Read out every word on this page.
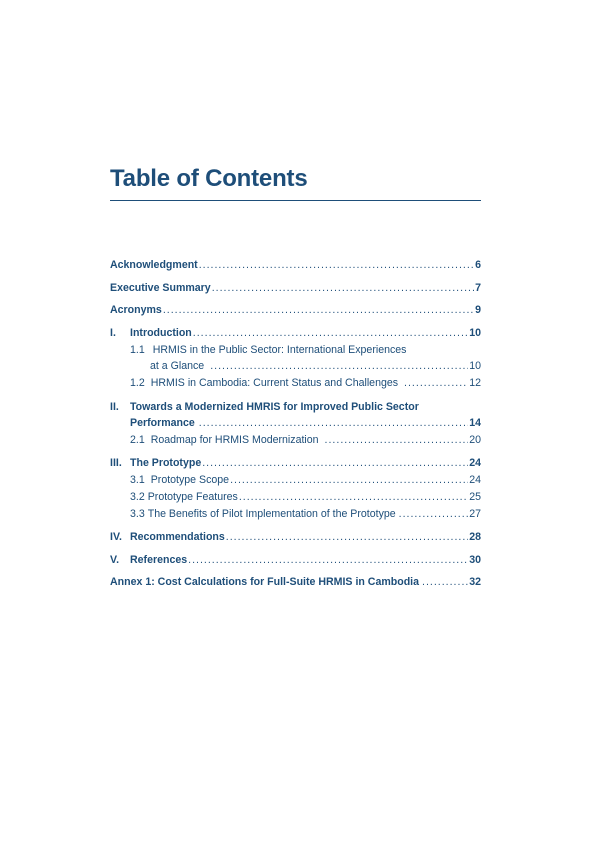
Table of Contents
Acknowledgment .....	6
Executive Summary .....	7
Acronyms .....	9
I.	Introduction .....	10
1.1 HRMIS in the Public Sector: International Experiences
at a Glance .....	10
1.2 HRMIS in Cambodia: Current Status and Challenges .....	12
II. Towards a Modernized HMRIS for Improved Public Sector
Performance .....	14
2.1 Roadmap for HRMIS Modernization .....	20
III. The Prototype .....	24
3.1 Prototype Scope .....	24
3.2 Prototype Features .....	25
3.3 The Benefits of Pilot Implementation of the Prototype .....	27
IV. Recommendations .....	28
V.	References .....	30
Annex 1: Cost Calculations for Full-Suite HRMIS in Cambodia .....	32
